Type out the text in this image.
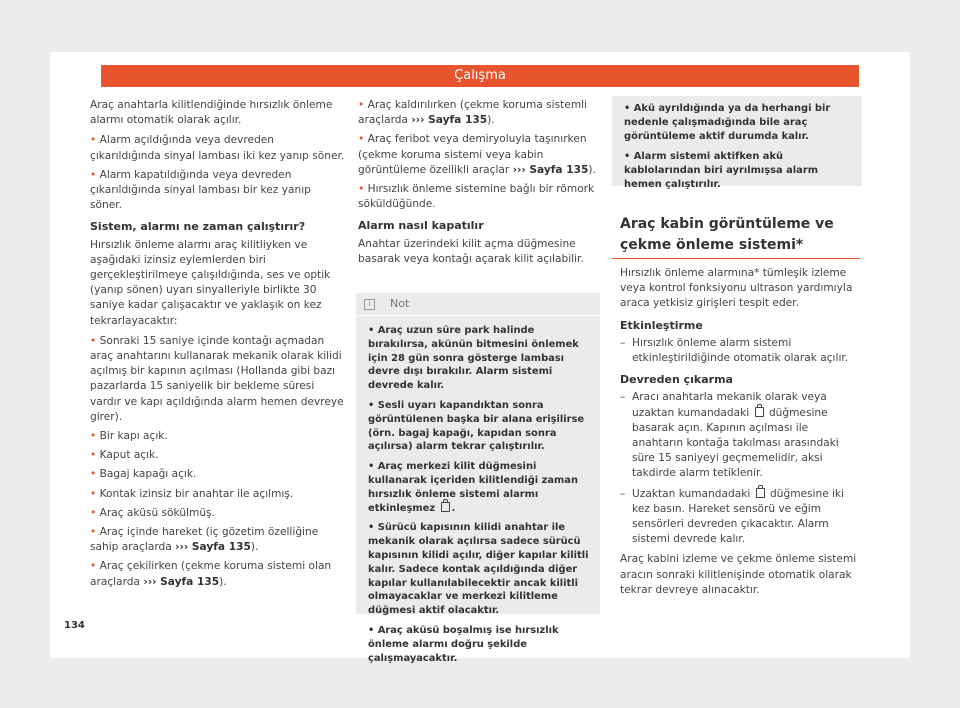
Çalışma

Araç anahtarla kilitlendiğinde hırsızlık önleme alarmı otomatik olarak açılır.

• Alarm açıldığında veya devreden çıkarıldığında sinyal lambası iki kez yanıp söner.

• Alarm kapatıldığında veya devreden çıkarıldığında sinyal lambası bir kez yanıp söner.

Sistem, alarmı ne zaman çalıştırır?

Hırsızlık önleme alarmı araç kilitliyken ve aşağıdaki izinsiz eylemlerden biri gerçekleştirilmeye çalışıldığında, ses ve optik (yanıp sönen) uyarı sinyalleriyle birlikte 30 saniye kadar çalışacaktır ve yaklaşık on kez tekrarlayacaktır:

• Sonraki 15 saniye içinde kontağı açmadan araç anahtarını kullanarak mekanik olarak kilidi açılmış bir kapının açılması (Hollanda gibi bazı pazarlarda 15 saniyelik bir bekleme süresi vardır ve kapı açıldığında alarm hemen devreye girer).

• Bir kapı açık.

• Kaput açık.

• Bagaj kapağı açık.

• Kontak izinsiz bir anahtar ile açılmış.

• Araç aküsü sökülmüş.

• Araç içinde hareket (iç gözetim özelliğine sahip araçlarda ››› Sayfa 135).

• Araç çekilirken (çekme koruma sistemi olan araçlarda ››› Sayfa 135).

• Araç kaldırılırken (çekme koruma sistemli araçlarda ››› Sayfa 135).

• Araç feribot veya demiryoluyla taşınırken (çekme koruma sistemi veya kabin görüntüleme özellikli araçlar ››› Sayfa 135).

• Hırsızlık önleme sistemine bağlı bir römork söküldüğünde.

Alarm nasıl kapatılır

Anahtar üzerindeki kilit açma düğmesine basarak veya kontağı açarak kilit açılabilir.

i	Not

• Araç uzun süre park halinde bırakılırsa, akünün bitmesini önlemek için 28 gün sonra gösterge lambası devre dışı bırakılır. Alarm sistemi devrede kalır.

• Sesli uyarı kapandıktan sonra görüntülenen başka bir alana erişilirse (örn. bagaj kapağı, kapıdan sonra açılırsa) alarm tekrar çalıştırılır.

• Araç merkezi kilit düğmesini kullanarak içeriden kilitlendiği zaman hırsızlık önleme sistemi alarmı etkinleşmez .

• Sürücü kapısının kilidi anahtar ile mekanik olarak açılırsa sadece sürücü kapısının kilidi açılır, diğer kapılar kilitli kalır. Sadece kontak açıldığında diğer kapılar kullanılabilecektir ancak kilitli olmayacaklar ve merkezi kilitleme düğmesi aktif olacaktır.

• Araç aküsü boşalmış ise hırsızlık önleme alarmı doğru şekilde çalışmayacaktır.

• Akü ayrıldığında ya da herhangi bir nedenle çalışmadığında bile araç görüntüleme aktif durumda kalır.

• Alarm sistemi aktifken akü kablolarından biri ayrılmışsa alarm hemen çalıştırılır.

Araç kabin görüntüleme ve çekme önleme sistemi*

Hırsızlık önleme alarmına* tümleşik izleme veya kontrol fonksiyonu ultrason yardımıyla araca yetkisiz girişleri tespit eder.

Etkinleştirme

–  Hırsızlık önleme alarm sistemi etkinleştirildiğinde otomatik olarak açılır.

Devreden çıkarma

–  Aracı anahtarla mekanik olarak veya uzaktan kumandadaki düğmesine basarak açın. Kapının açılması ile anahtarın kontağa takılması arasındaki süre 15 saniyeyi geçmemelidir, aksi takdirde alarm tetiklenir.

–  Uzaktan kumandadaki düğmesine iki kez basın. Hareket sensörü ve eğim sensörleri devreden çıkacaktır. Alarm sistemi devrede kalır.

Araç kabini izleme ve çekme önleme sistemi aracın sonraki kilitlenişinde otomatik olarak tekrar devreye alınacaktır.

134
